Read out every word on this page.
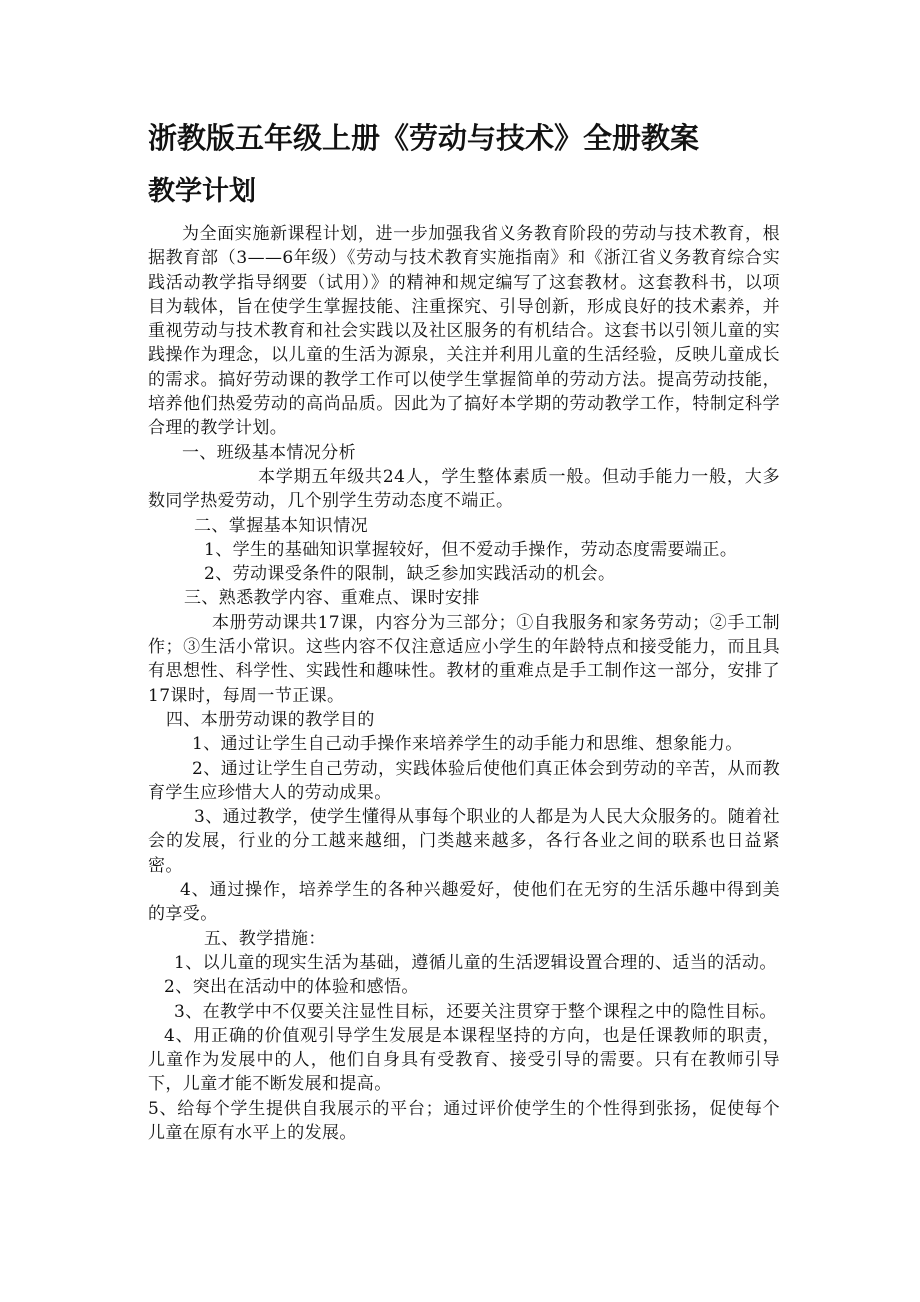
浙教版五年级上册《劳动与技术》全册教案
教学计划

为全面实施新课程计划，进一步加强我省义务教育阶段的劳动与技术教育，根据教育部（3——6年级）《劳动与技术教育实施指南》和《浙江省义务教育综合实践活动教学指导纲要（试用）》的精神和规定编写了这套教材。这套教科书，以项目为载体，旨在使学生掌握技能、注重探究、引导创新，形成良好的技术素养，并重视劳动与技术教育和社会实践以及社区服务的有机结合。这套书以引领儿童的实践操作为理念，以儿童的生活为源泉，关注并利用儿童的生活经验，反映儿童成长的需求。搞好劳动课的教学工作可以使学生掌握简单的劳动方法。提高劳动技能，培养他们热爱劳动的高尚品质。因此为了搞好本学期的劳动教学工作，特制定科学合理的教学计划。

一、班级基本情况分析

本学期五年级共24人，学生整体素质一般。但动手能力一般，大多数同学热爱劳动，几个别学生劳动态度不端正。

二、掌握基本知识情况

1、学生的基础知识掌握较好，但不爱动手操作，劳动态度需要端正。

2、劳动课受条件的限制，缺乏参加实践活动的机会。

三、熟悉教学内容、重难点、课时安排

本册劳动课共17课，内容分为三部分；①自我服务和家务劳动；②手工制作；③生活小常识。这些内容不仅注意适应小学生的年龄特点和接受能力，而且具有思想性、科学性、实践性和趣味性。教材的重难点是手工制作这一部分，安排了17课时，每周一节正课。

四、本册劳动课的教学目的

1、通过让学生自己动手操作来培养学生的动手能力和思维、想象能力。

2、通过让学生自己劳动，实践体验后使他们真正体会到劳动的辛苦，从而教育学生应珍惜大人的劳动成果。

3、通过教学，使学生懂得从事每个职业的人都是为人民大众服务的。随着社会的发展，行业的分工越来越细，门类越来越多，各行各业之间的联系也日益紧密。

4、通过操作，培养学生的各种兴趣爱好，使他们在无穷的生活乐趣中得到美的享受。

五、教学措施：

1、以儿童的现实生活为基础，遵循儿童的生活逻辑设置合理的、适当的活动。

2、突出在活动中的体验和感悟。

3、在教学中不仅要关注显性目标，还要关注贯穿于整个课程之中的隐性目标。

4、用正确的价值观引导学生发展是本课程坚持的方向，也是任课教师的职责，儿童作为发展中的人，他们自身具有受教育、接受引导的需要。只有在教师引导下，儿童才能不断发展和提高。

5、给每个学生提供自我展示的平台；通过评价使学生的个性得到张扬，促使每个儿童在原有水平上的发展。
